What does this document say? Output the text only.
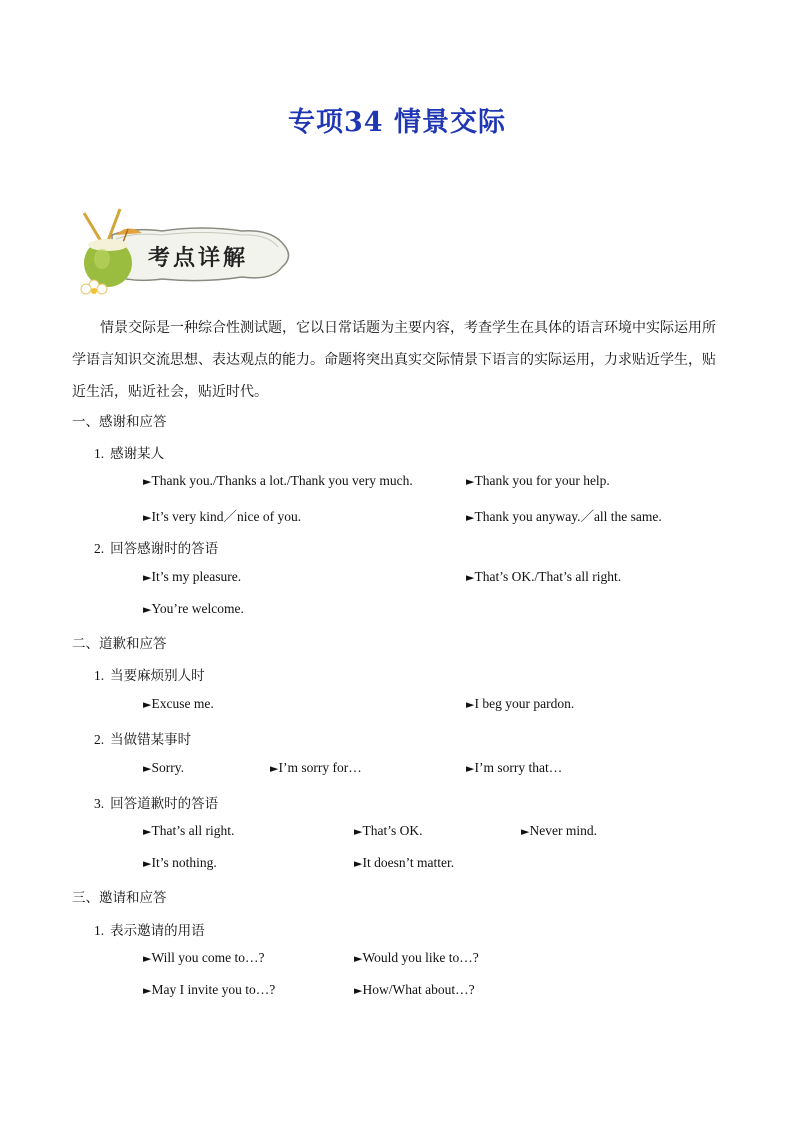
专项34 情景交际
考点详解
情景交际是一种综合性测试题，它以日常话题为主要内容，考查学生在具体的语言环境中实际运用所学语言知识交流思想、表达观点的能力。命题将突出真实交际情景下语言的实际运用，力求贴近学生，贴近生活，贴近社会，贴近时代。
一、感谢和应答
1. 感谢某人
►Thank you./Thanks a lot./Thank you very much.	►Thank you for your help.
►It’s very kind／nice of you.	►Thank you anyway.／all the same.
2. 回答感谢时的答语
►It’s my pleasure.	►That’s OK./That’s all right.
►You’re welcome.
二、道歉和应答
1. 当要麻烦别人时
►Excuse me.	►I beg your pardon.
2. 当做错某事时
►Sorry.	►I’m sorry for…	►I’m sorry that…
3. 回答道歉时的答语
►That’s all right.	►That’s OK.	►Never mind.
►It’s nothing.	►It doesn’t matter.
三、邀请和应答
1. 表示邀请的用语
►Will you come to…?	►Would you like to…?
►May I invite you to…?	►How/What about…?
